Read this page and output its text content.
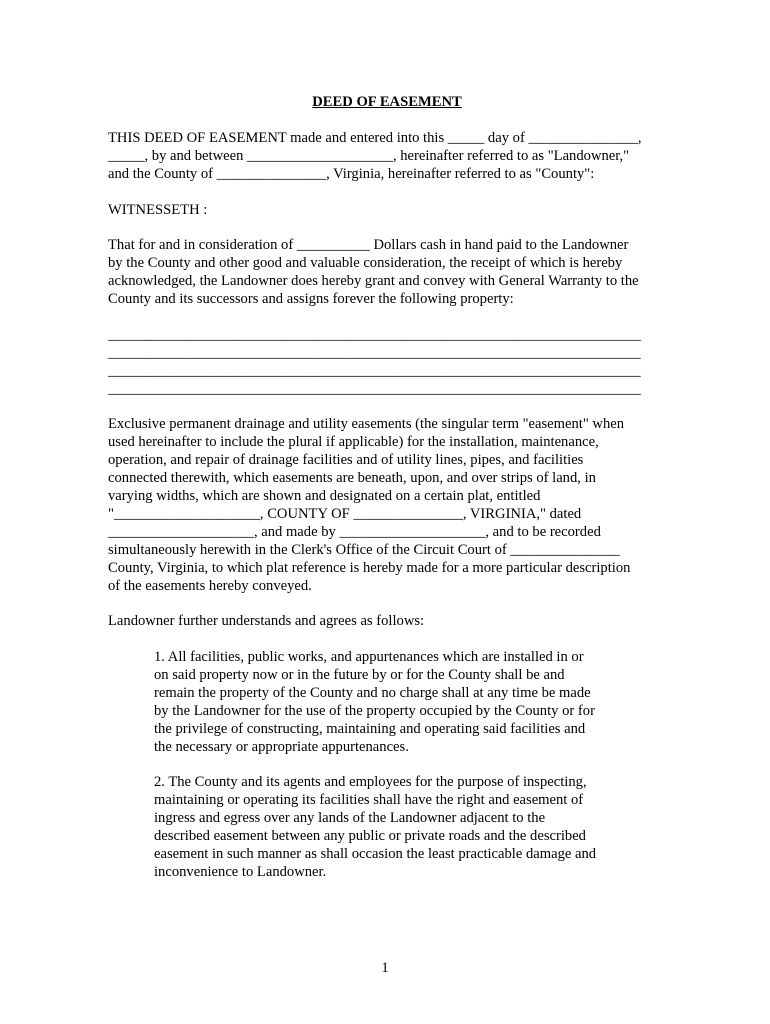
DEED OF EASEMENT
THIS DEED OF EASEMENT made and entered into this _____ day of _______________,
_____, by and between ____________________, hereinafter referred to as "Landowner,"
and the County of _______________, Virginia, hereinafter referred to as "County":
WITNESSETH :
That for and in consideration of __________ Dollars cash in hand paid to the Landowner
by the County and other good and valuable consideration, the receipt of which is hereby
acknowledged, the Landowner does hereby grant and convey with General Warranty to the
County and its successors and assigns forever the following property:
_________________________________________________________________________
_________________________________________________________________________
_________________________________________________________________________
_________________________________________________________________________
Exclusive permanent drainage and utility easements (the singular term "easement" when
used hereinafter to include the plural if applicable) for the installation, maintenance,
operation, and repair of drainage facilities and of utility lines, pipes, and facilities
connected therewith, which easements are beneath, upon, and over strips of land, in
varying widths, which are shown and designated on a certain plat, entitled
"____________________, COUNTY OF _______________, VIRGINIA," dated
____________________, and made by ____________________, and to be recorded
simultaneously herewith in the Clerk's Office of the Circuit Court of _______________
County, Virginia, to which plat reference is hereby made for a more particular description
of the easements hereby conveyed.
Landowner further understands and agrees as follows:
1. All facilities, public works, and appurtenances which are installed in or
on said property now or in the future by or for the County shall be and
remain the property of the County and no charge shall at any time be made
by the Landowner for the use of the property occupied by the County or for
the privilege of constructing, maintaining and operating said facilities and
the necessary or appropriate appurtenances.
2. The County and its agents and employees for the purpose of inspecting,
maintaining or operating its facilities shall have the right and easement of
ingress and egress over any lands of the Landowner adjacent to the
described easement between any public or private roads and the described
easement in such manner as shall occasion the least practicable damage and
inconvenience to Landowner.
1
